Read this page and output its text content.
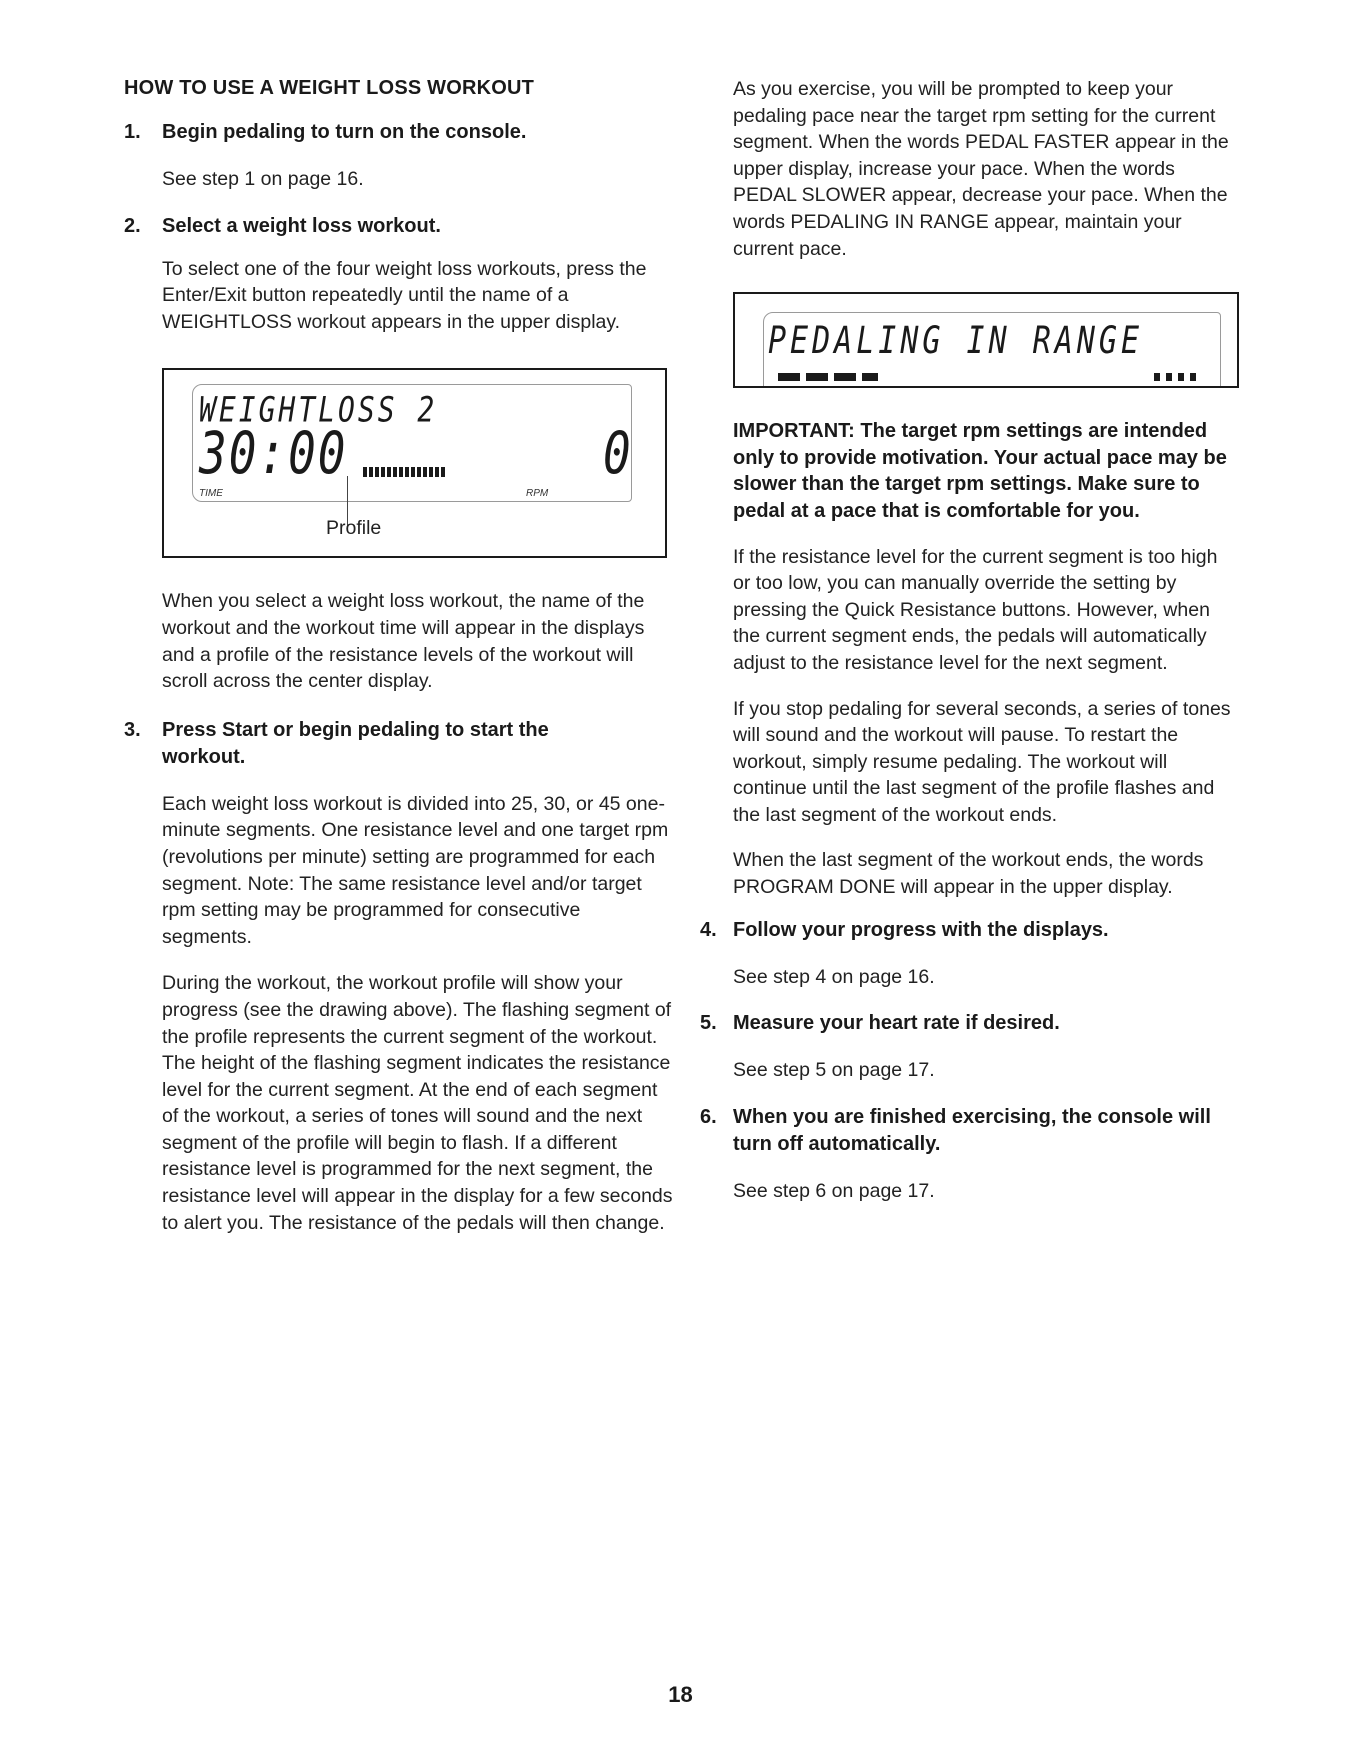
HOW TO USE A WEIGHT LOSS WORKOUT
1. Begin pedaling to turn on the console.

See step 1 on page 16.

2. Select a weight loss workout.

To select one of the four weight loss workouts, press the Enter/Exit button repeatedly until the name of a WEIGHTLOSS workout appears in the upper display.

WEIGHTLOSS 2
30:00	0
TIME	RPM
Profile

When you select a weight loss workout, the name of the workout and the workout time will appear in the displays and a profile of the resistance levels of the workout will scroll across the center display.

3. Press Start or begin pedaling to start the workout.

Each weight loss workout is divided into 25, 30, or 45 one-minute segments. One resistance level and one target rpm (revolutions per minute) setting are programmed for each segment. Note: The same resistance level and/or target rpm setting may be programmed for consecutive segments.

During the workout, the workout profile will show your progress (see the drawing above). The flashing segment of the profile represents the current segment of the workout. The height of the flashing segment indicates the resistance level for the current segment. At the end of each segment of the workout, a series of tones will sound and the next segment of the profile will begin to flash. If a different resistance level is programmed for the next segment, the resistance level will appear in the display for a few seconds to alert you. The resistance of the pedals will then change.

As you exercise, you will be prompted to keep your pedaling pace near the target rpm setting for the current segment. When the words PEDAL FASTER appear in the upper display, increase your pace. When the words PEDAL SLOWER appear, decrease your pace. When the words PEDALING IN RANGE appear, maintain your current pace.

PEDALING IN RANGE

IMPORTANT: The target rpm settings are intended only to provide motivation. Your actual pace may be slower than the target rpm settings. Make sure to pedal at a pace that is comfortable for you.

If the resistance level for the current segment is too high or too low, you can manually override the setting by pressing the Quick Resistance buttons. However, when the current segment ends, the pedals will automatically adjust to the resistance level for the next segment.

If you stop pedaling for several seconds, a series of tones will sound and the workout will pause. To restart the workout, simply resume pedaling. The workout will continue until the last segment of the profile flashes and the last segment of the workout ends.

When the last segment of the workout ends, the words PROGRAM DONE will appear in the upper display.

4. Follow your progress with the displays.

See step 4 on page 16.

5. Measure your heart rate if desired.

See step 5 on page 17.

6. When you are finished exercising, the console will turn off automatically.

See step 6 on page 17.

18
